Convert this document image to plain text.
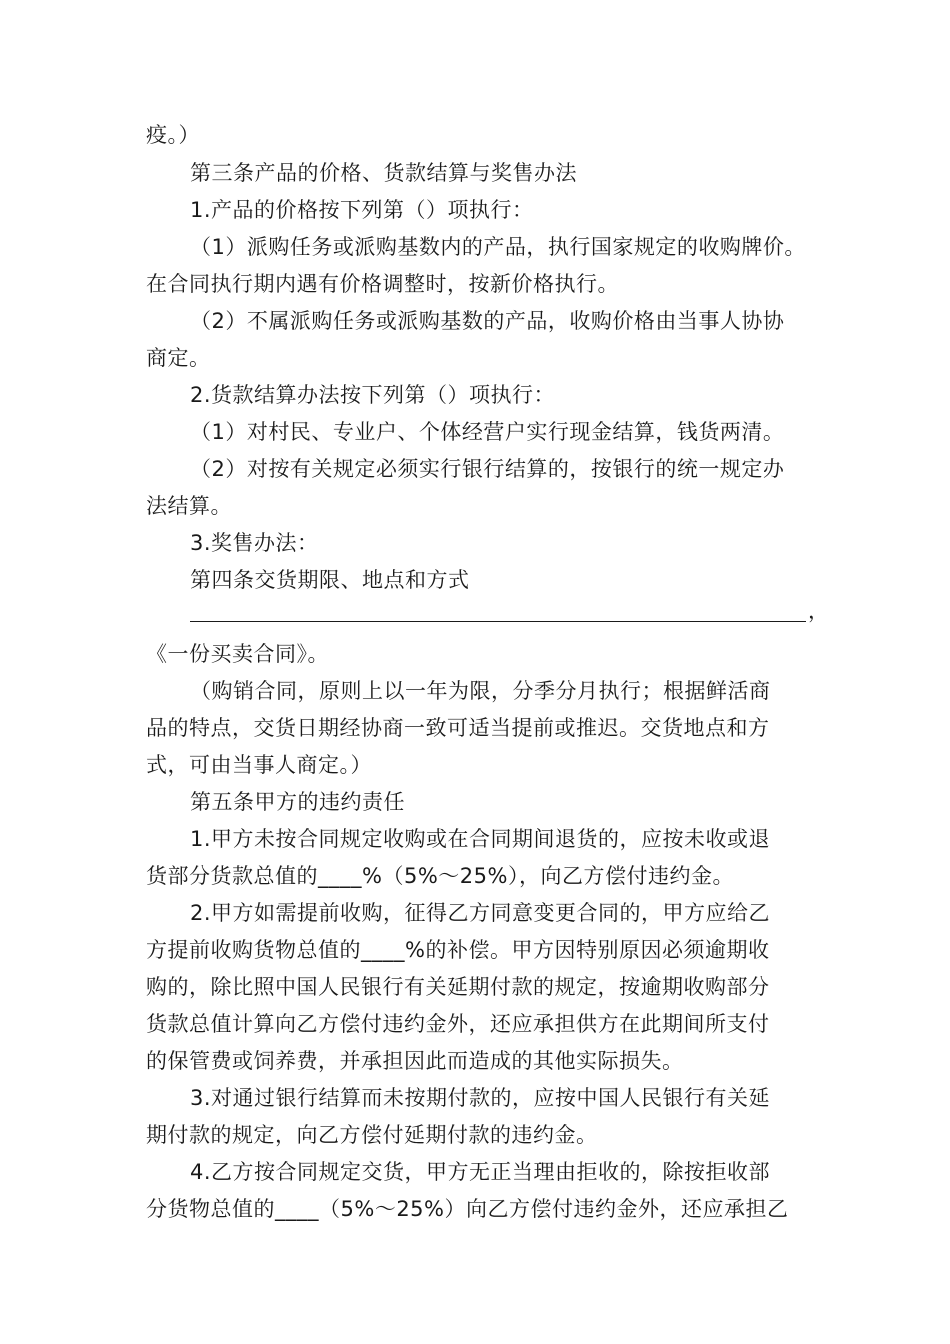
疫。）
第三条产品的价格、货款结算与奖售办法
1.产品的价格按下列第（）项执行：
（1）派购任务或派购基数内的产品，执行国家规定的收购牌价。
在合同执行期内遇有价格调整时，按新价格执行。
（2）不属派购任务或派购基数的产品，收购价格由当事人协协
商定。
2.货款结算办法按下列第（）项执行：
（1）对村民、专业户、个体经营户实行现金结算，钱货两清。
（2）对按有关规定必须实行银行结算的，按银行的统一规定办
法结算。
3.奖售办法：
第四条交货期限、地点和方式
，
《一份买卖合同》。
（购销合同，原则上以一年为限，分季分月执行；根据鲜活商
品的特点，交货日期经协商一致可适当提前或推迟。交货地点和方
式，可由当事人商定。）
第五条甲方的违约责任
1.甲方未按合同规定收购或在合同期间退货的，应按未收或退
货部分货款总值的____%（5%～25%），向乙方偿付违约金。
2.甲方如需提前收购，征得乙方同意变更合同的，甲方应给乙
方提前收购货物总值的____%的补偿。甲方因特别原因必须逾期收
购的，除比照中国人民银行有关延期付款的规定，按逾期收购部分
货款总值计算向乙方偿付违约金外，还应承担供方在此期间所支付
的保管费或饲养费，并承担因此而造成的其他实际损失。
3.对通过银行结算而未按期付款的，应按中国人民银行有关延
期付款的规定，向乙方偿付延期付款的违约金。
4.乙方按合同规定交货，甲方无正当理由拒收的，除按拒收部
分货物总值的____（5%～25%）向乙方偿付违约金外，还应承担乙
